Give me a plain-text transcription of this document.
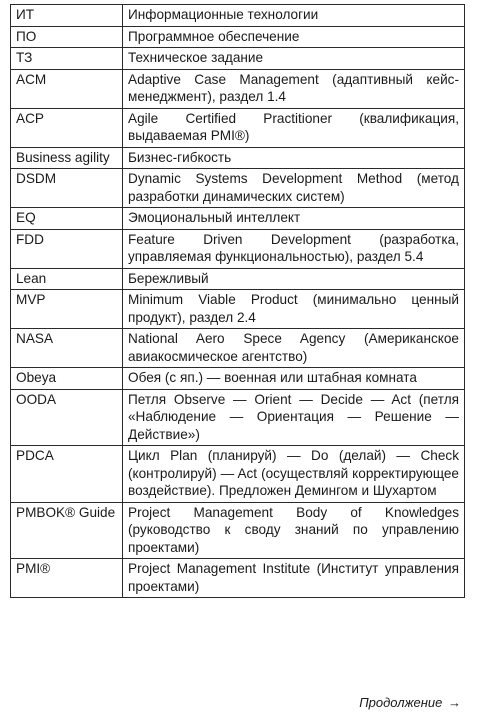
ИТ	Информационные технологии
ПО	Программное обеспечение
ТЗ	Техническое задание
ACM	Adaptive Case Management (адаптивный кейс-менеджмент), раздел 1.4
ACP	Agile Certified Practitioner (квалификация, выдаваемая PMI®)
Business agility	Бизнес-гибкость
DSDM	Dynamic Systems Development Method (метод разработки динамических систем)
EQ	Эмоциональный интеллект
FDD	Feature Driven Development (разработка, управляемая функциональностью), раздел 5.4
Lean	Бережливый
MVP	Minimum Viable Product (минимально ценный продукт), раздел 2.4
NASA	National Aero Spece Agency (Американское авиакосмическое агентство)
Obeya	Обея (с яп.) — военная или штабная комната
OODA	Петля Observe — Orient — Decide — Act (петля «Наблюдение — Ориентация — Решение — Действие»)
PDCA	Цикл Plan (планируй) — Do (делай) — Check (контролируй) — Act (осуществляй корректирующее воздействие). Предложен Демингом и Шухартом
PMBOK® Guide	Project Management Body of Knowledges (руководство к своду знаний по управлению проектами)
PMI®	Project Management Institute (Институт управления проектами)
Продолжение →
